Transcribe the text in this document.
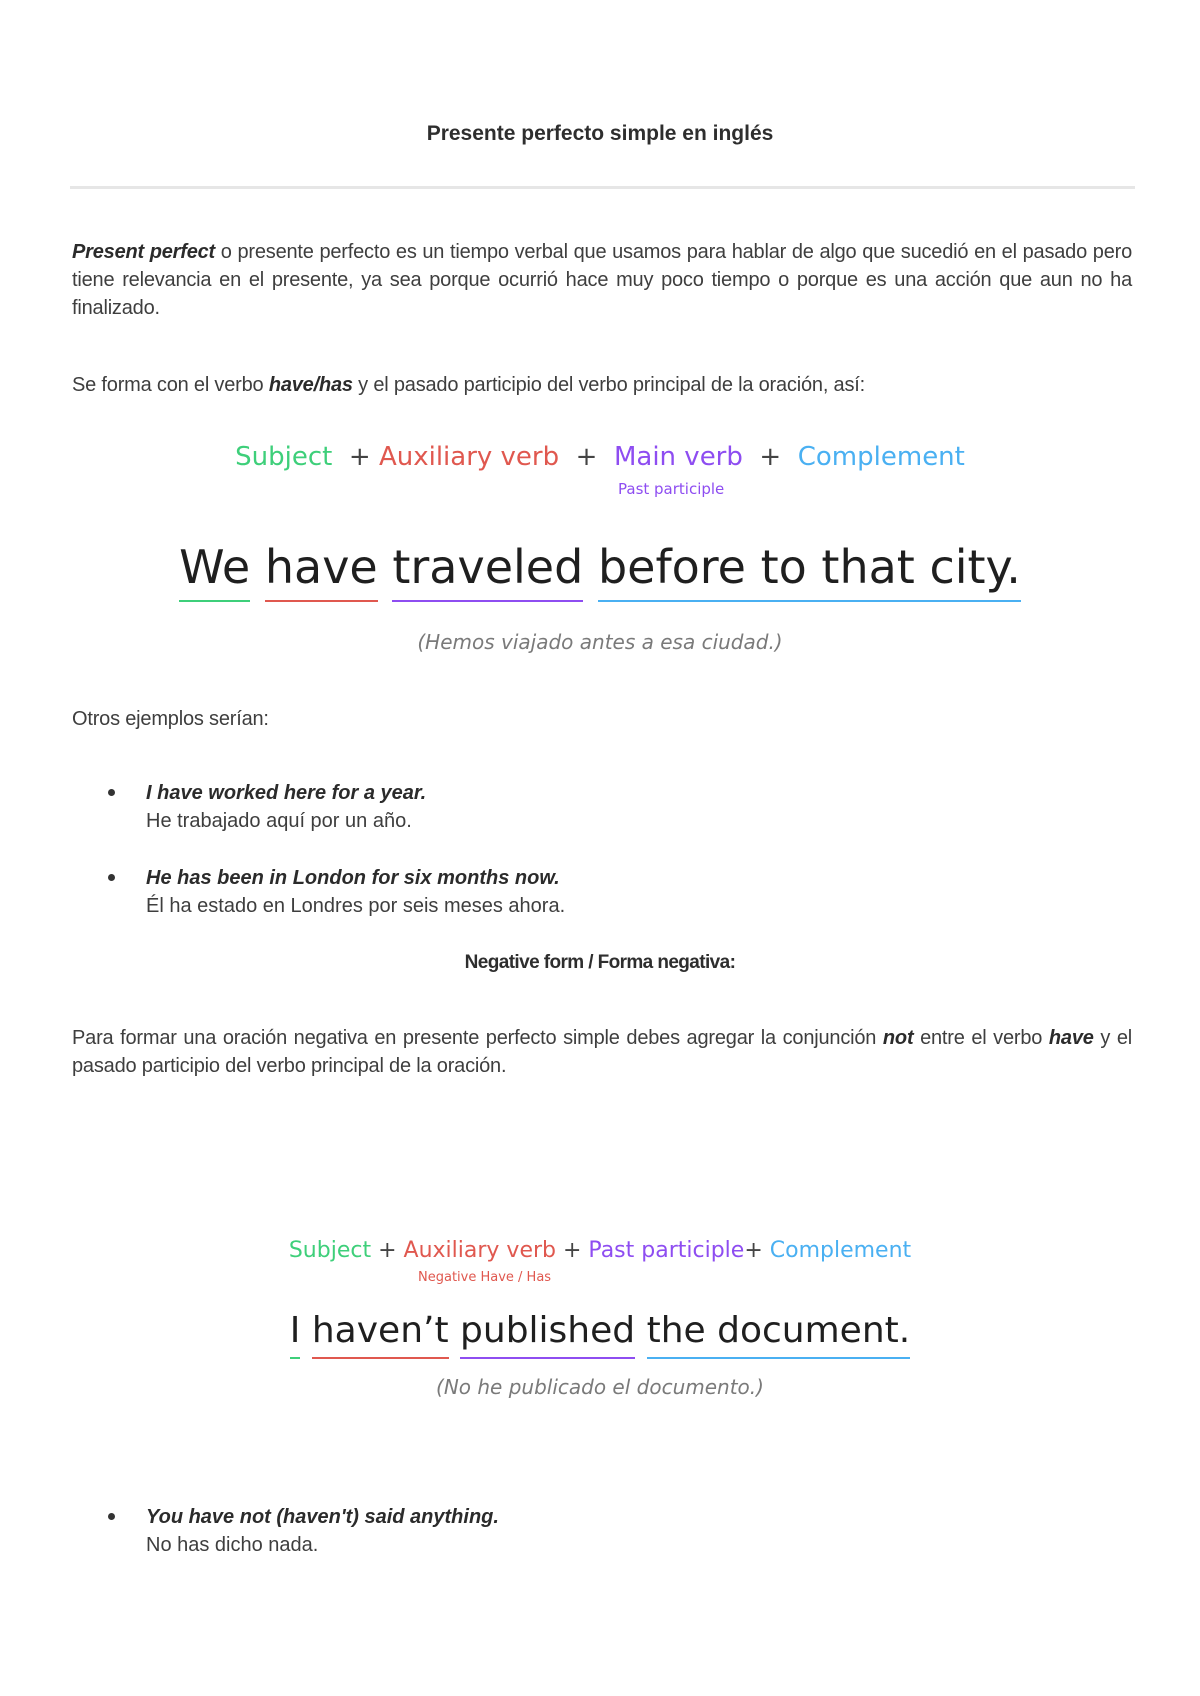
Presente perfecto simple en inglés
Present perfect o presente perfecto es un tiempo verbal que usamos para hablar de algo que sucedió en el pasado pero tiene relevancia en el presente, ya sea porque ocurrió hace muy poco tiempo o porque es una acción que aun no ha finalizado.
Se forma con el verbo have/has y el pasado participio del verbo principal de la oración, así:
Subject + Auxiliary verb + Main verb + Complement
Past participle
We have traveled before to that city.
(Hemos viajado antes a esa ciudad.)
Otros ejemplos serían:
I have worked here for a year.
He trabajado aquí por un año.
He has been in London for six months now.
Él ha estado en Londres por seis meses ahora.
Negative form / Forma negativa:
Para formar una oración negativa en presente perfecto simple debes agregar la conjunción not entre el verbo have y el pasado participio del verbo principal de la oración.
Subject + Auxiliary verb + Past participle+ Complement
Negative Have / Has
I haven’t published the document.
(No he publicado el documento.)
You have not (haven't) said anything.
No has dicho nada.
